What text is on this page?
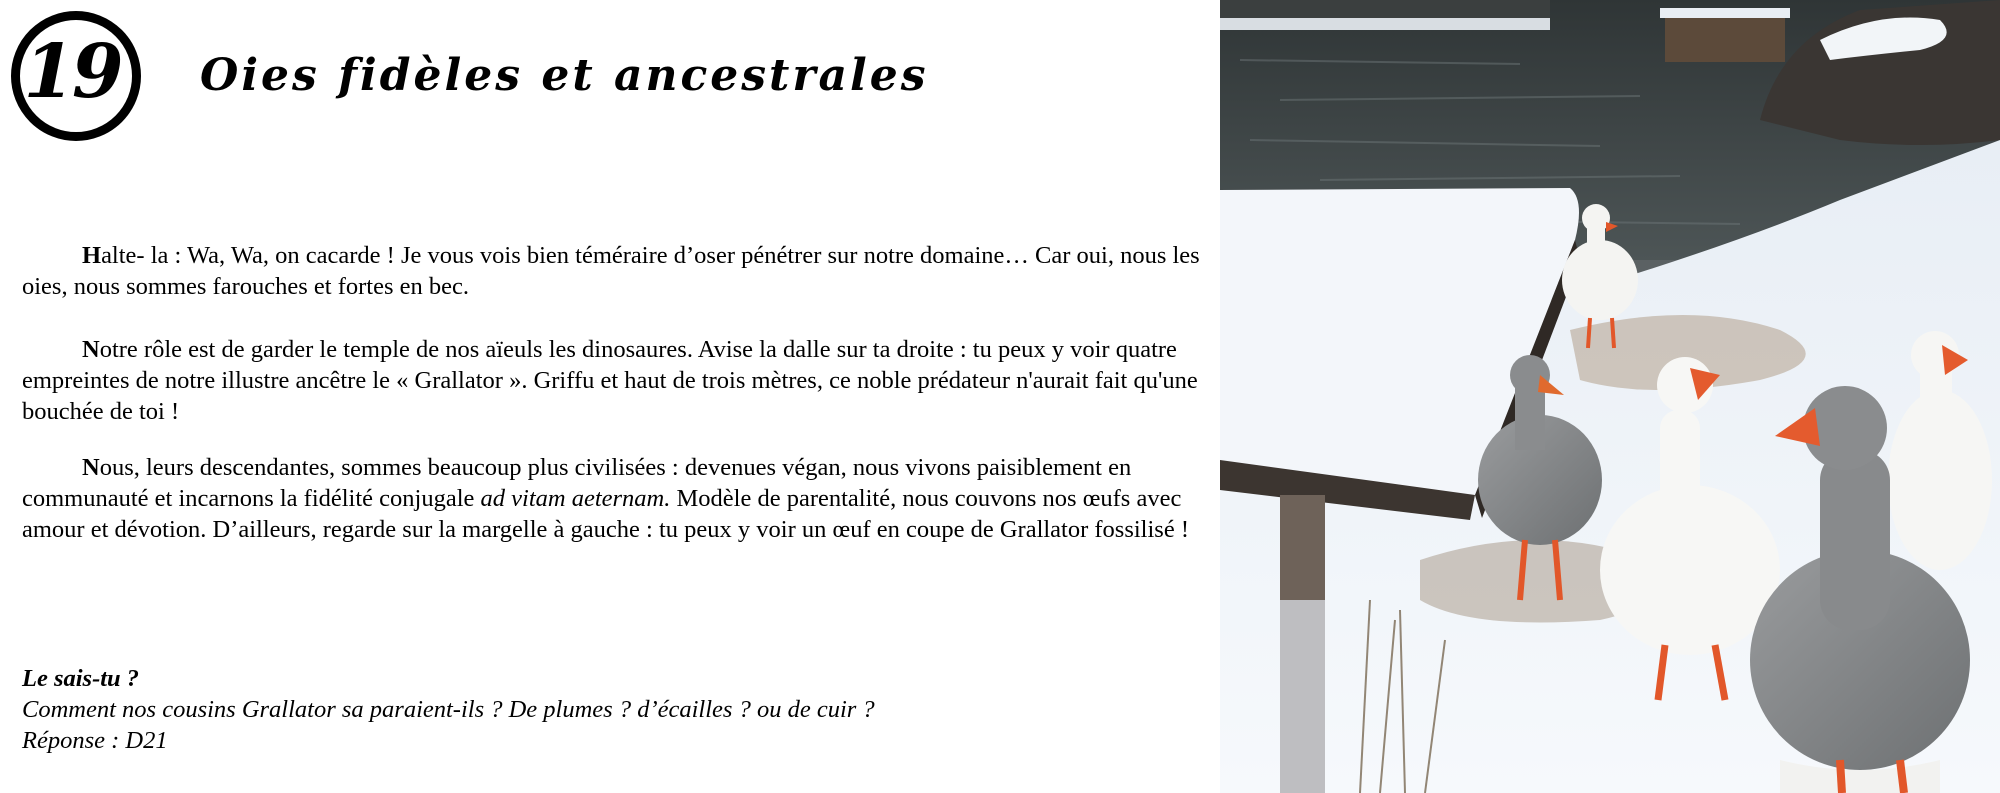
19 Oies fidèles et ancestrales

Halte- la : Wa, Wa, on cacarde ! Je vous vois bien téméraire d’oser pénétrer sur notre domaine… Car oui, nous les oies, nous sommes farouches et fortes en bec.

Notre rôle est de garder le temple de nos aïeuls les dinosaures. Avise la dalle sur ta droite : tu peux y voir quatre empreintes de notre illustre ancêtre le « Grallator ». Griffu et haut de trois mètres, ce noble prédateur n'aurait fait qu'une bouchée de toi !

Nous, leurs descendantes, sommes beaucoup plus civilisées : devenues végan, nous vivons paisiblement en communauté et incarnons la fidélité conjugale ad vitam aeternam. Modèle de parentalité, nous couvons nos œufs avec amour et dévotion. D’ailleurs, regarde sur la margelle à gauche : tu peux y voir un œuf en coupe de Grallator fossilisé !

Le sais-tu ?
Comment nos cousins Grallator sa paraient-ils ? De plumes ? d’écailles ? ou de cuir ?
Réponse : D21
